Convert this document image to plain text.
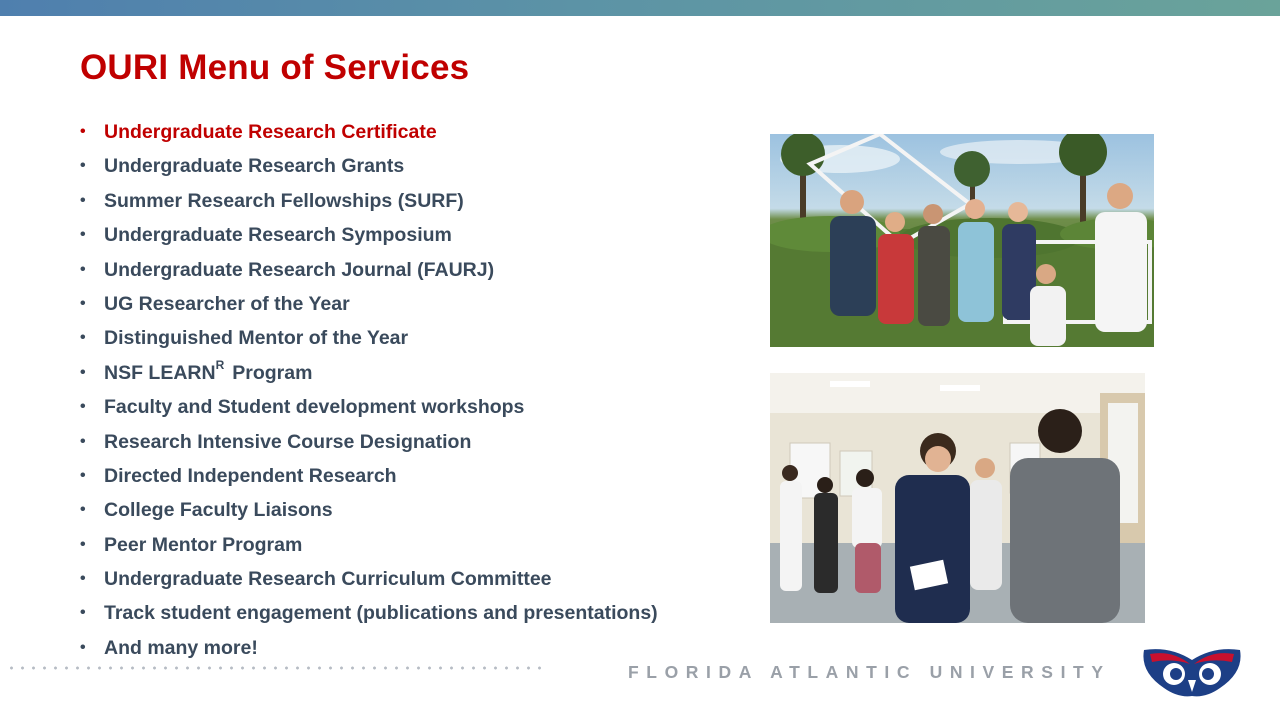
OURI Menu of Services
• Undergraduate Research Certificate
• Undergraduate Research Grants
• Summer Research Fellowships (SURF)
• Undergraduate Research Symposium
• Undergraduate Research Journal (FAURJ)
• UG Researcher of the Year
• Distinguished Mentor of the Year
• NSF $LEARN^R$ Program
• Faculty and Student development workshops
• Research Intensive Course Designation
• Directed Independent Research
• College Faculty Liaisons
• Peer Mentor Program
• Undergraduate Research Curriculum Committee
• Track student engagement (publications and presentations)
• And many more!

FLORIDA ATLANTIC UNIVERSITY
